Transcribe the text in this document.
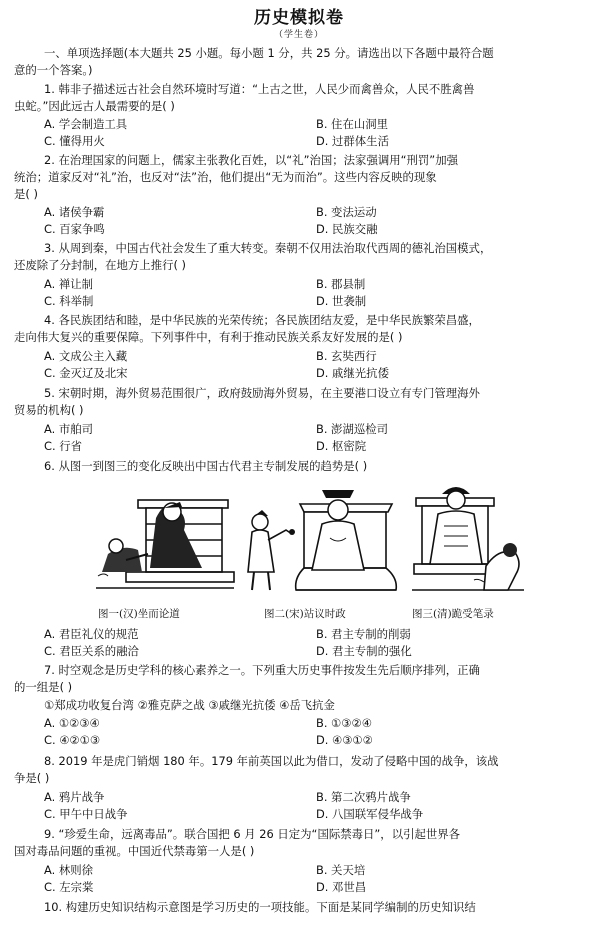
历史模拟卷
（学生卷）
一、单项选择题(本大题共 25 小题。每小题 1 分，共 25 分。请选出以下各题中最符合题
意的一个答案。)
1. 韩非子描述远古社会自然环境时写道：“上古之世，人民少而禽兽众，人民不胜禽兽
虫蛇。”因此远古人最需要的是( )
A. 学会制造工具	B. 住在山洞里
C. 懂得用火	D. 过群体生活
2. 在治理国家的问题上，儒家主张教化百姓，以“礼”治国；法家强调用“刑罚”加强
统治；道家反对“礼”治，也反对“法”治，他们提出“无为而治”。这些内容反映的现象
是( )
A. 诸侯争霸	B. 变法运动
C. 百家争鸣	D. 民族交融
3. 从周到秦，中国古代社会发生了重大转变。秦朝不仅用法治取代西周的德礼治国模式，
还废除了分封制，在地方上推行( )
A. 禅让制	B. 郡县制
C. 科举制	D. 世袭制
4. 各民族团结和睦，是中华民族的光荣传统；各民族团结友爱，是中华民族繁荣昌盛，
走向伟大复兴的重要保障。下列事件中，有利于推动民族关系友好发展的是( )
A. 文成公主入藏	B. 玄奘西行
C. 金灭辽及北宋	D. 戚继光抗倭
5. 宋朝时期，海外贸易范围很广，政府鼓励海外贸易，在主要港口设立有专门管理海外
贸易的机构( )
A. 市舶司	B. 澎湖巡检司
C. 行省	D. 枢密院
6. 从图一到图三的变化反映出中国古代君主专制发展的趋势是( )
图一(汉)坐而论道	图二(宋)站议时政	图三(清)跪受笔录
A. 君臣礼仪的规范	B. 君主专制的削弱
C. 君臣关系的融洽	D. 君主专制的强化
7. 时空观念是历史学科的核心素养之一。下列重大历史事件按发生先后顺序排列，正确
的一组是( )
①郑成功收复台湾 ②雅克萨之战 ③戚继光抗倭 ④岳飞抗金
A. ①②③④	B. ①③②④
C. ④②①③	D. ④③①②
8. 2019 年是虎门销烟 180 年。179 年前英国以此为借口，发动了侵略中国的战争，该战
争是( )
A. 鸦片战争	B. 第二次鸦片战争
C. 甲午中日战争	D. 八国联军侵华战争
9. “珍爱生命，远离毒品”。联合国把 6 月 26 日定为“国际禁毒日”，以引起世界各
国对毒品问题的重视。中国近代禁毒第一人是( )
A. 林则徐	B. 关天培
C. 左宗棠	D. 邓世昌
10. 构建历史知识结构示意图是学习历史的一项技能。下面是某同学编制的历史知识结
